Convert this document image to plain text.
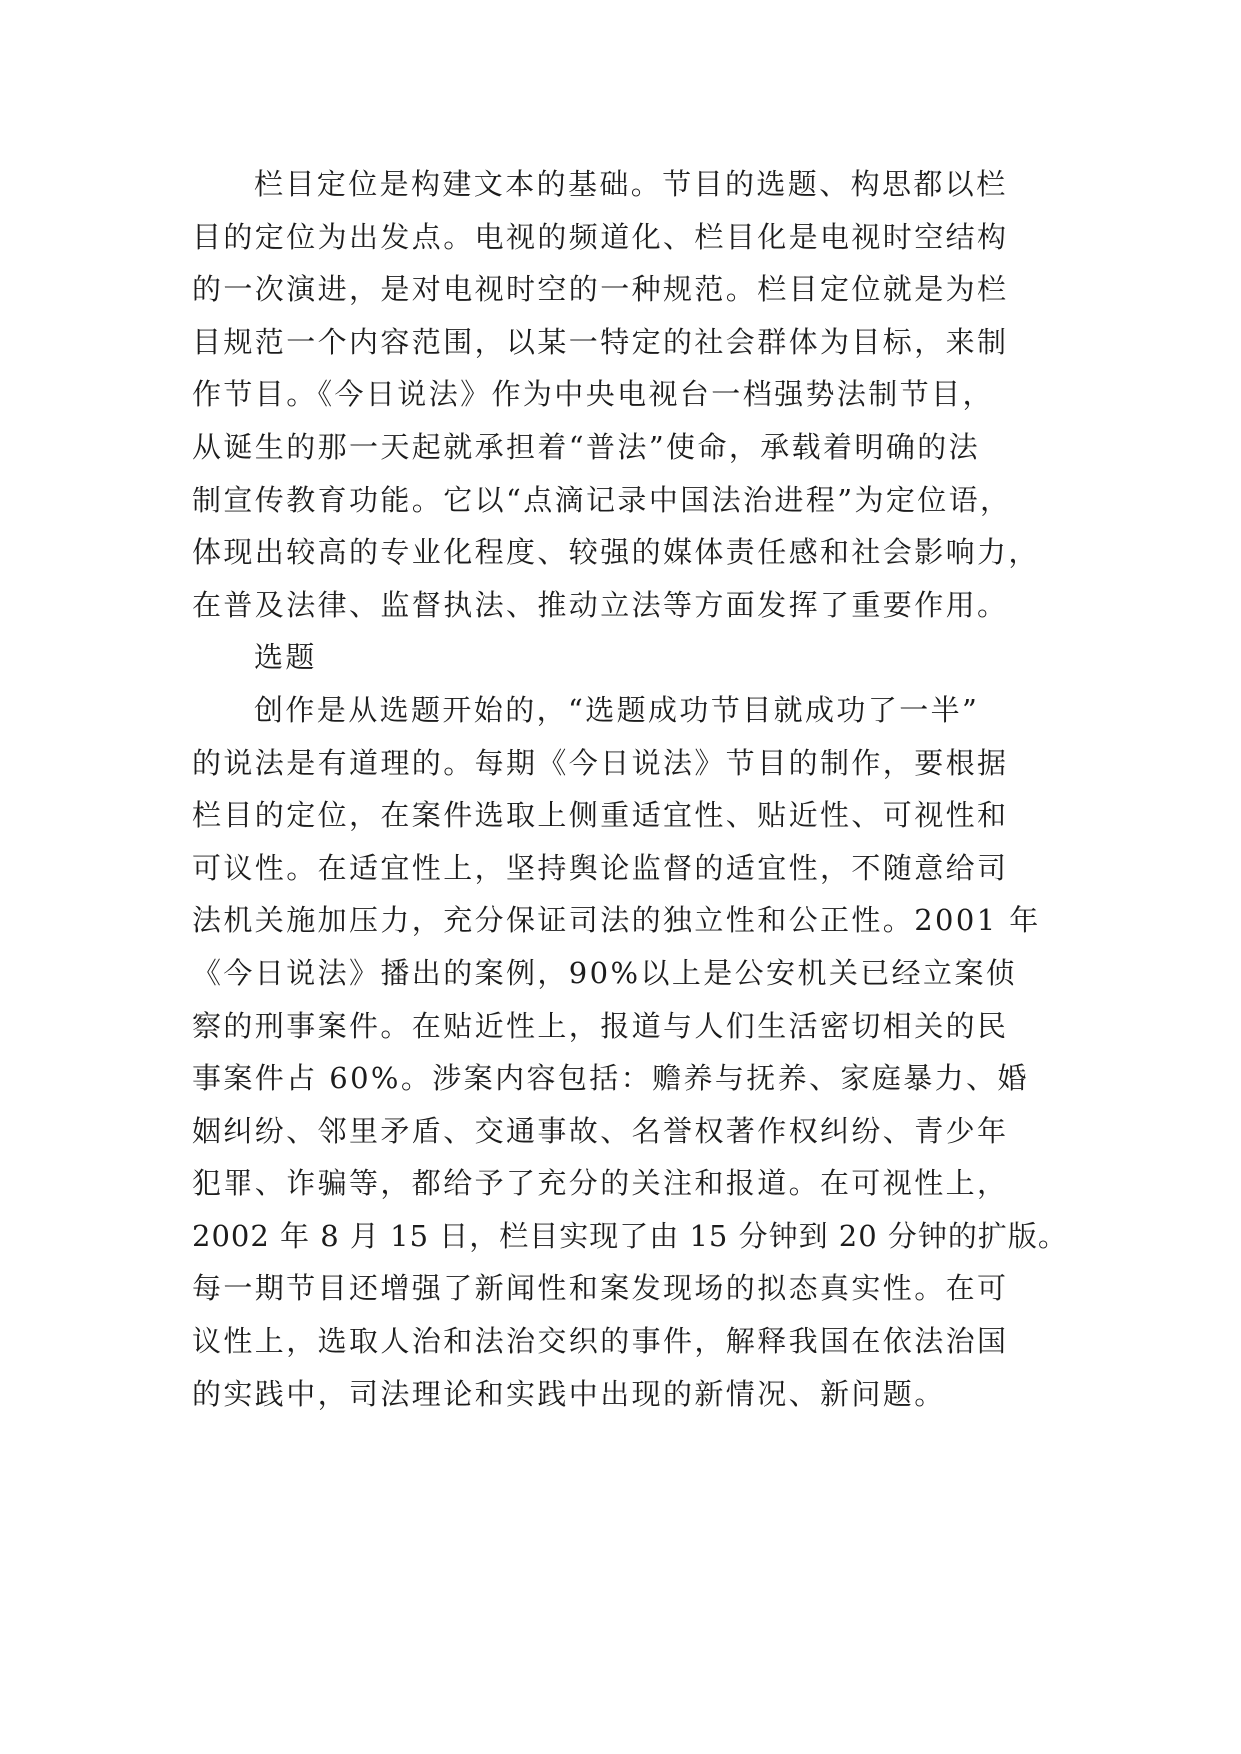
栏目定位是构建文本的基础。节目的选题、构思都以栏
目的定位为出发点。电视的频道化、栏目化是电视时空结构
的一次演进，是对电视时空的一种规范。栏目定位就是为栏
目规范一个内容范围，以某一特定的社会群体为目标，来制
作节目。《今日说法》作为中央电视台一档强势法制节目，
从诞生的那一天起就承担着“普法”使命，承载着明确的法
制宣传教育功能。它以“点滴记录中国法治进程”为定位语，
体现出较高的专业化程度、较强的媒体责任感和社会影响力，
在普及法律、监督执法、推动立法等方面发挥了重要作用。
选题
创作是从选题开始的，“选题成功节目就成功了一半”
的说法是有道理的。每期《今日说法》节目的制作，要根据
栏目的定位，在案件选取上侧重适宜性、贴近性、可视性和
可议性。在适宜性上，坚持舆论监督的适宜性，不随意给司
法机关施加压力，充分保证司法的独立性和公正性。2001 年
《今日说法》播出的案例，90%以上是公安机关已经立案侦
察的刑事案件。在贴近性上，报道与人们生活密切相关的民
事案件占 60%。涉案内容包括：赡养与抚养、家庭暴力、婚
姻纠纷、邻里矛盾、交通事故、名誉权著作权纠纷、青少年
犯罪、诈骗等，都给予了充分的关注和报道。在可视性上，
2002 年 8 月 15 日，栏目实现了由 15 分钟到 20 分钟的扩版。
每一期节目还增强了新闻性和案发现场的拟态真实性。在可
议性上，选取人治和法治交织的事件，解释我国在依法治国
的实践中，司法理论和实践中出现的新情况、新问题。
